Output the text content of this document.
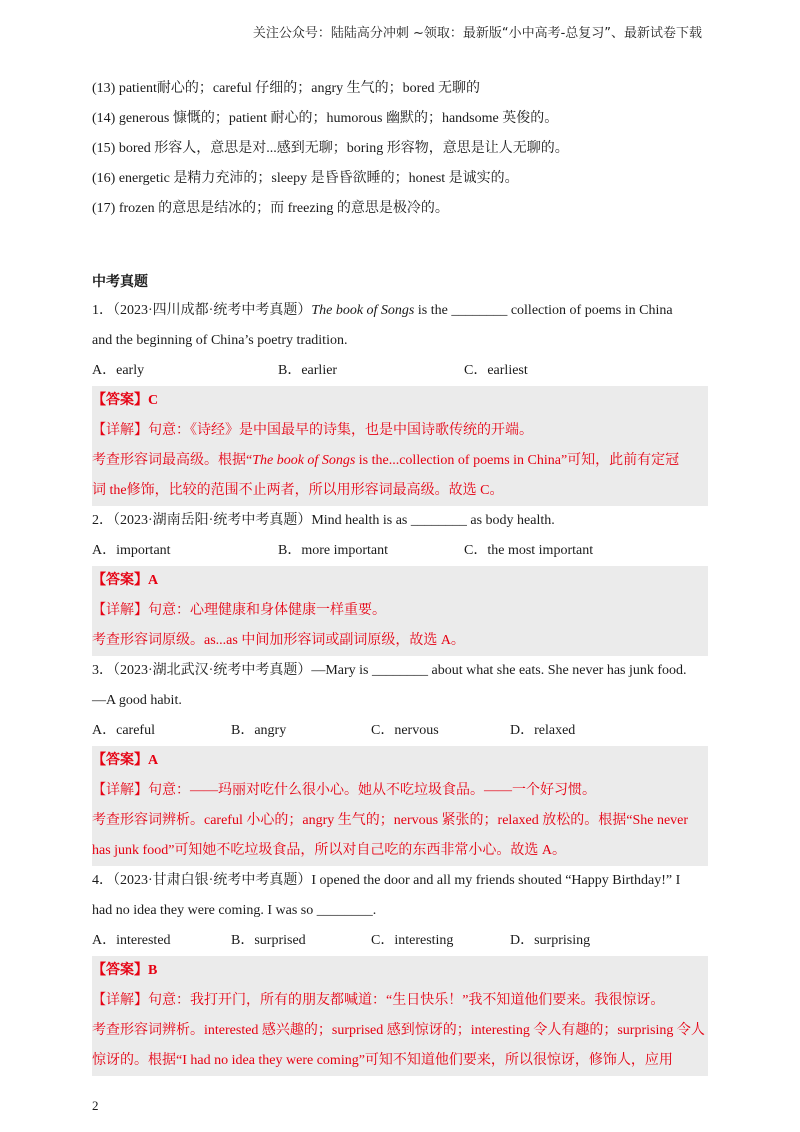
关注公众号：陆陆高分冲刺 ~领取：最新版“小中高考-总复习”、最新试卷下载
(13) patient耐心的；careful 仔细的；angry 生气的；bored 无聊的
(14) generous 慷慨的；patient 耐心的；humorous 幽默的；handsome 英俊的。
(15) bored 形容人，意思是对...感到无聊；boring 形容物，意思是让人无聊的。
(16) energetic 是精力充沛的；sleepy 是昏昏欲睡的；honest 是诚实的。
(17) frozen 的意思是结冰的；而 freezing 的意思是极冷的。
中考真题
1．（2023·四川成都·统考中考真题）The book of Songs is the ________ collection of poems in China
and the beginning of China’s poetry tradition.
A．early	B．earlier	C．earliest
【答案】C
【详解】句意：《诗经》是中国最早的诗集，也是中国诗歌传统的开端。
考查形容词最高级。根据“The book of Songs is the...collection of poems in China”可知，此前有定冠
词 the修饰，比较的范围不止两者，所以用形容词最高级。故选 C。
2．（2023·湖南岳阳·统考中考真题）Mind health is as ________ as body health.
A．important	B．more important	C．the most important
【答案】A
【详解】句意：心理健康和身体健康一样重要。
考查形容词原级。as...as 中间加形容词或副词原级，故选 A。
3．（2023·湖北武汉·统考中考真题）—Mary is ________ about what she eats. She never has junk food.
—A good habit.
A．careful	B．angry	C．nervous	D．relaxed
【答案】A
【详解】句意：——玛丽对吃什么很小心。她从不吃垃圾食品。——一个好习惯。
考查形容词辨析。careful 小心的；angry 生气的；nervous 紧张的；relaxed 放松的。根据“She never
has junk food”可知她不吃垃圾食品，所以对自己吃的东西非常小心。故选 A。
4．（2023·甘肃白银·统考中考真题）I opened the door and all my friends shouted “Happy Birthday!” I
had no idea they were coming. I was so ________.
A．interested	B．surprised	C．interesting	D．surprising
【答案】B
【详解】句意：我打开门，所有的朋友都喊道：“生日快乐！”我不知道他们要来。我很惊讶。
考查形容词辨析。interested 感兴趣的；surprised 感到惊讶的；interesting 令人有趣的；surprising 令人
惊讶的。根据“I had no idea they were coming”可知不知道他们要来，所以很惊讶，修饰人，应用
2
